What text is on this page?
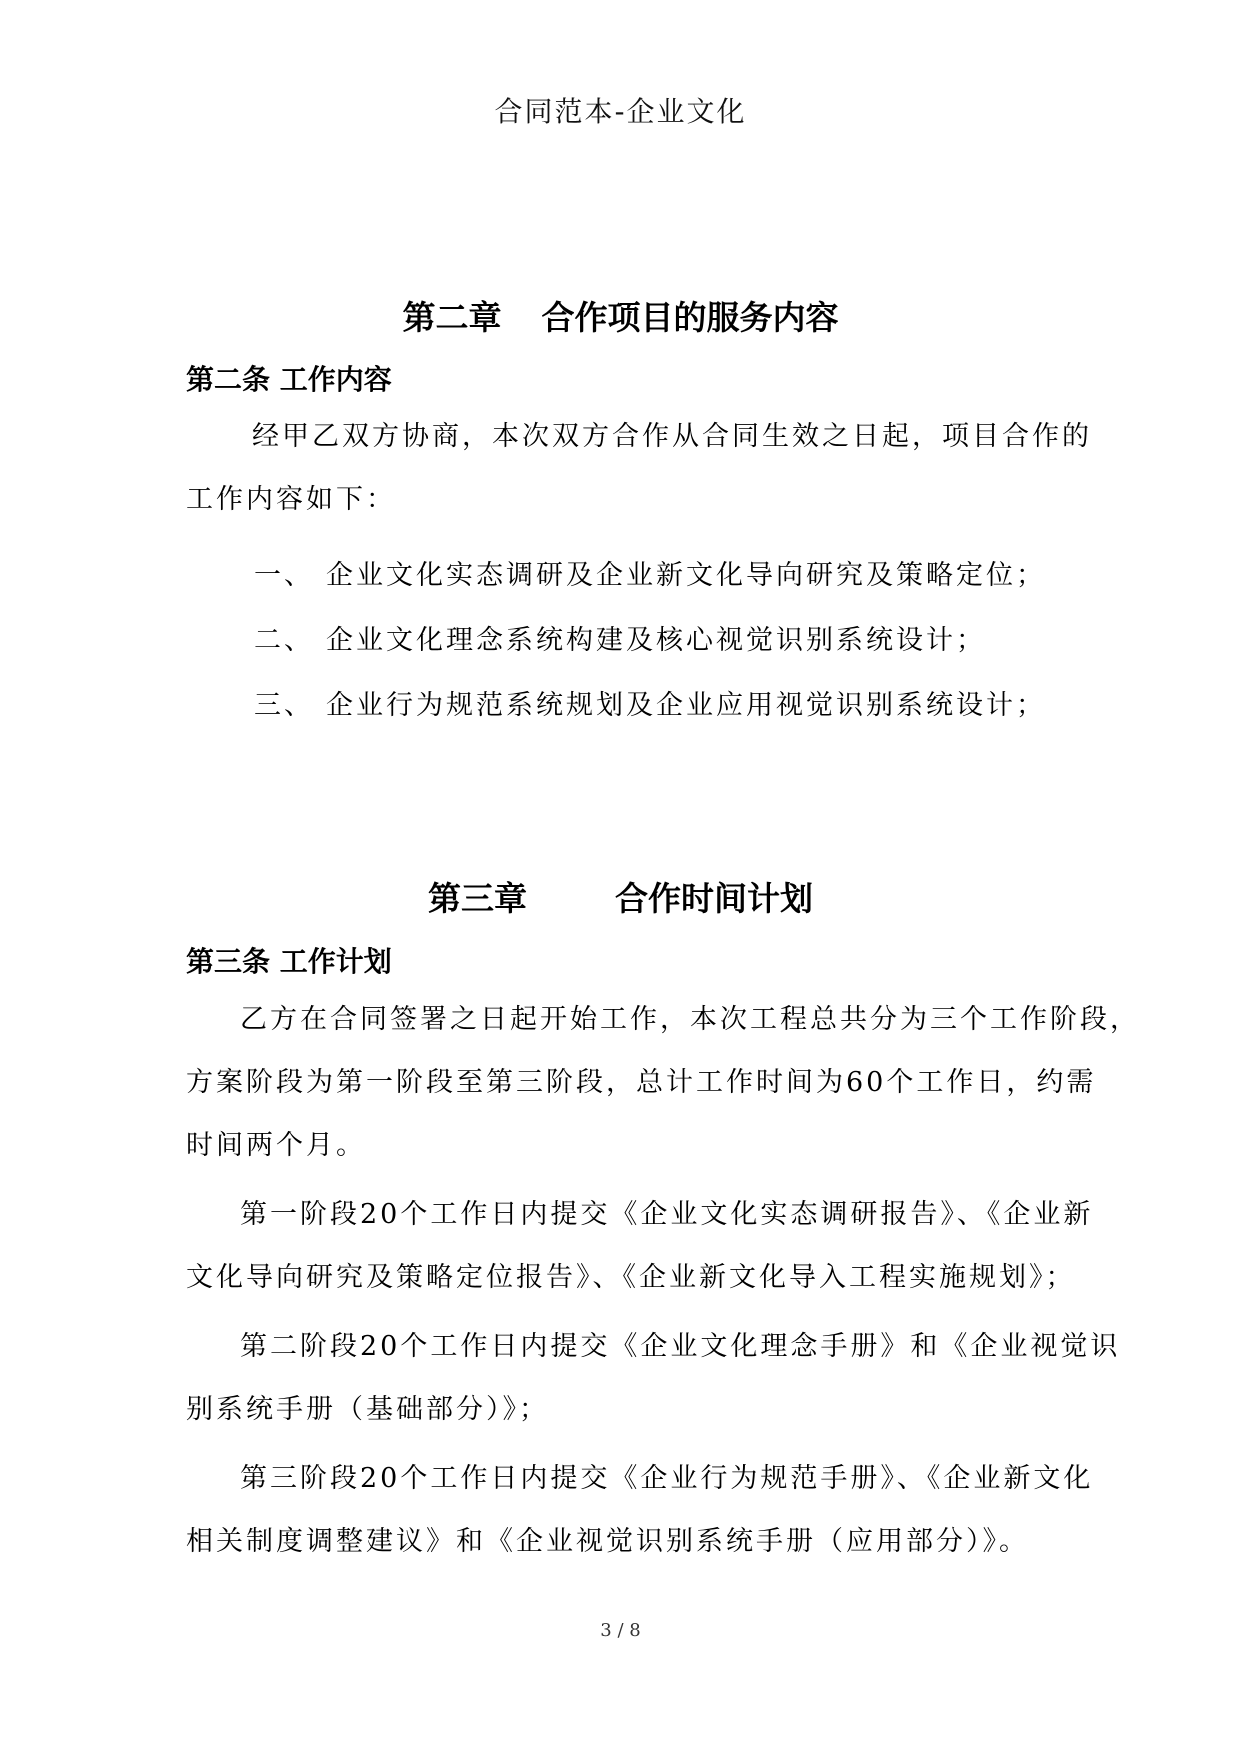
合同范本-企业文化
第二章 合作项目的服务内容
第二条 工作内容
经甲乙双方协商，本次双方合作从合同生效之日起，项目合作的
工作内容如下：
一、 企业文化实态调研及企业新文化导向研究及策略定位；
二、 企业文化理念系统构建及核心视觉识别系统设计；
三、 企业行为规范系统规划及企业应用视觉识别系统设计；
第三章	合作时间计划
第三条 工作计划
乙方在合同签署之日起开始工作，本次工程总共分为三个工作阶段，
方案阶段为第一阶段至第三阶段，总计工作时间为60个工作日，约需
时间两个月。
第一阶段20个工作日内提交《企业文化实态调研报告》、《企业新
文化导向研究及策略定位报告》、《企业新文化导入工程实施规划》；
第二阶段20个工作日内提交《企业文化理念手册》和《企业视觉识
别系统手册（基础部分）》；
第三阶段20个工作日内提交《企业行为规范手册》、《企业新文化
相关制度调整建议》和《企业视觉识别系统手册（应用部分）》。
3 / 8
